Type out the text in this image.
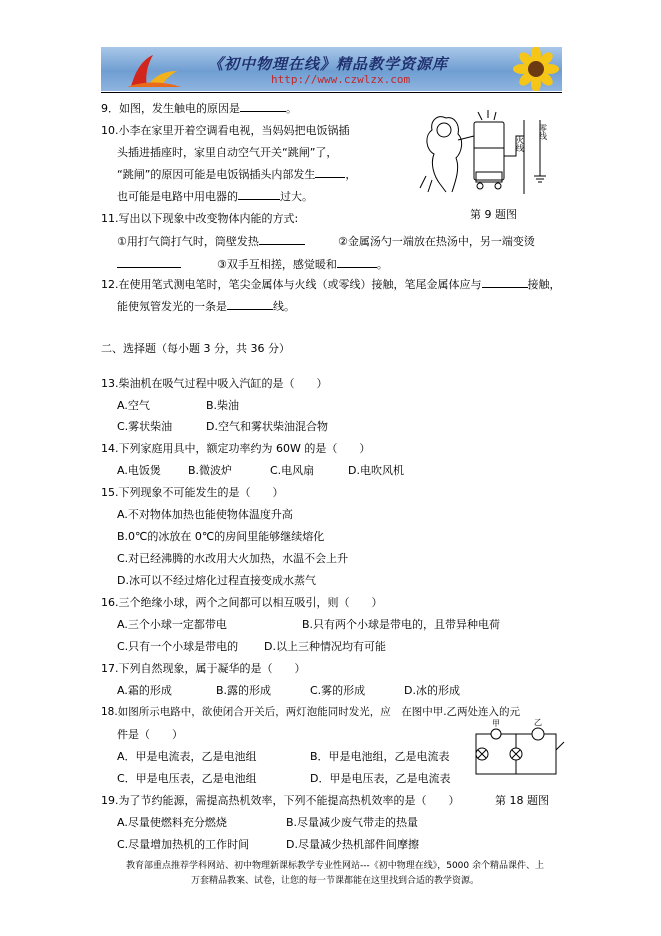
《初中物理在线》精品教学资源库
http://www.czwlzx.com
9．如图，发生触电的原因是	。
10.小李在家里开着空调看电视，当妈妈把电饭锅插
头插进插座时，家里自动空气开关“跳闸”了，
“跳闸”的原因可能是电饭锅插头内部发生	，
也可能是电路中用电器的	过大。
火线
零线
第 9 题图
11.写出以下现象中改变物体内能的方式:
①用打气筒打气时，筒壁发热	②金属汤勺一端放在热汤中，另一端变烫
③双手互相搓，感觉暖和	。
12.在使用笔式测电笔时，笔尖金属体与火线（或零线）接触，笔尾金属体应与	接触，
能使氖管发光的一条是	线。
二、选择题（每小题 3 分，共 36 分）
13.柴油机在吸气过程中吸入汽缸的是（　　）
A.空气	B.柴油
C.雾状柴油	D.空气和雾状柴油混合物
14.下列家庭用具中，额定功率约为 60W 的是（　　）
A.电饭煲 B.微波炉	C.电风扇	D.电吹风机
15.下列现象不可能发生的是（　　）
A.不对物体加热也能使物体温度升高
B.0℃的冰放在 0℃的房间里能够继续熔化
C.对已经沸腾的水改用大火加热，水温不会上升
D.冰可以不经过熔化过程直接变成水蒸气
16.三个绝缘小球，两个之间都可以相互吸引，则（　　）
A.三个小球一定都带电	B.只有两个小球是带电的，且带异种电荷
C.只有一个小球是带电的 D.以上三种情况均有可能
17.下列自然现象，属于凝华的是（　　）
A.霜的形成	B.露的形成	C.雾的形成	D.冰的形成
18.如图所示电路中，欲使闭合开关后，两灯泡能同时发光，应　在图中甲.乙两处连入的元
件是（　　）
A．甲是电流表，乙是电池组	B．甲是电池组，乙是电流表
C．甲是电压表，乙是电池组	D．甲是电压表，乙是电流表
甲	乙
19.为了节约能源，需提高热机效率，下列不能提高热机效率的是（　　）	第 18 题图
A.尽量使燃料充分燃烧	B.尽量减少废气带走的热量
C.尽量增加热机的工作时间	D.尽量减少热机部件间摩擦
教育部重点推荐学科网站、初中物理新课标教学专业性网站---《初中物理在线》，5000 余个精品课件、上
万套精品教案、试卷，让您的每一节课都能在这里找到合适的教学资源。
